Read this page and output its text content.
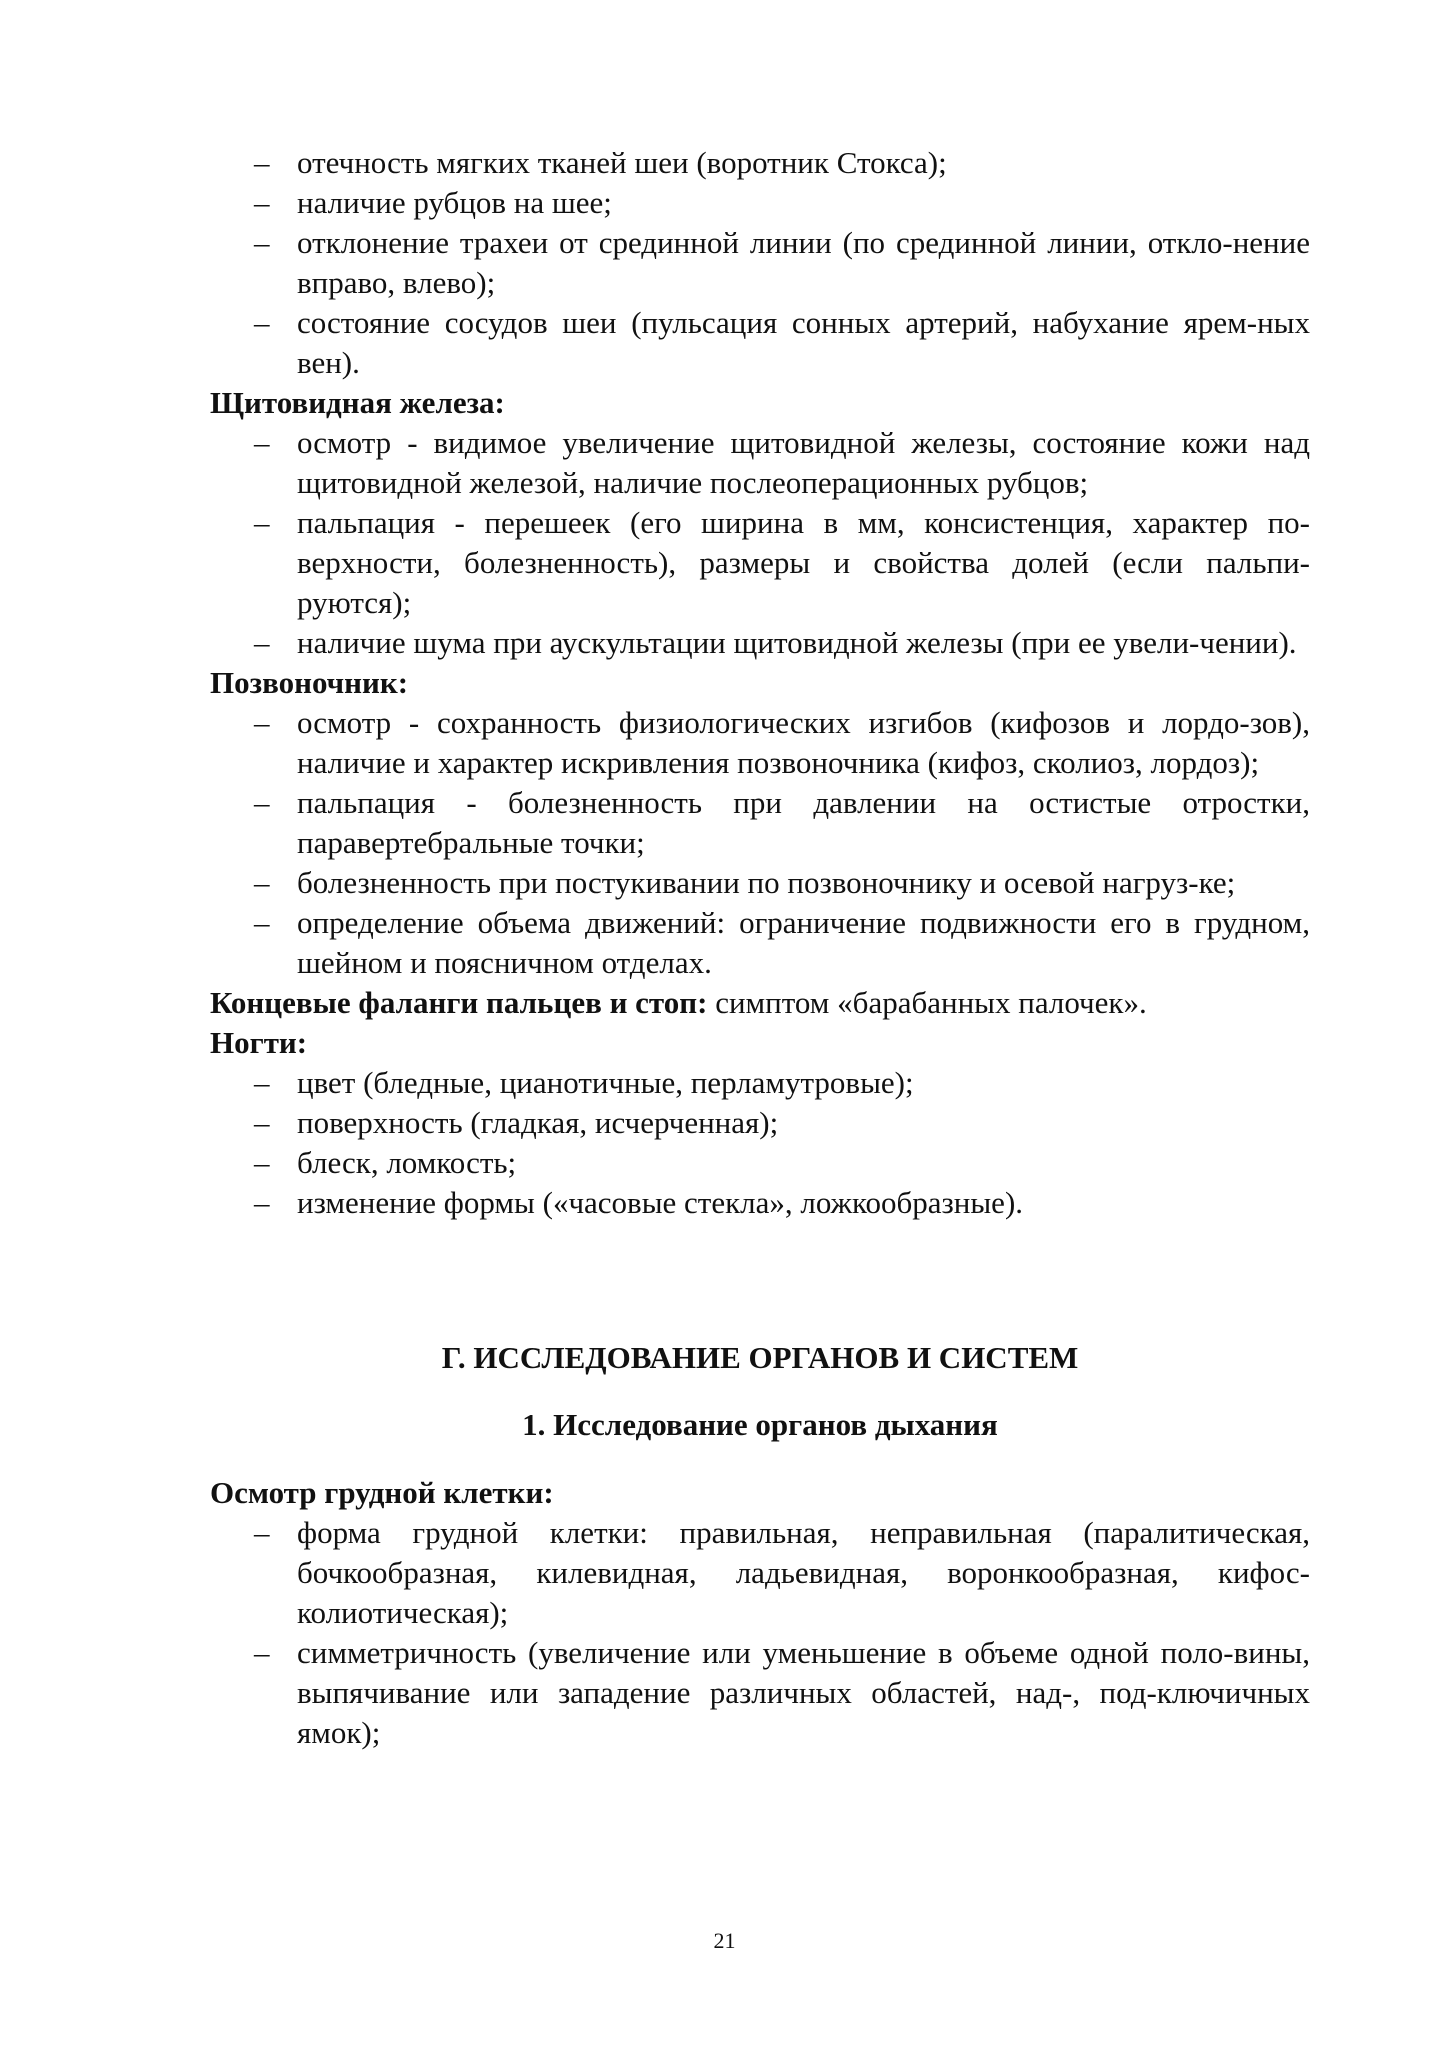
– отечность мягких тканей шеи (воротник Стокса);
– наличие рубцов на шее;
– отклонение трахеи от срединной линии (по срединной линии, откло-нение вправо, влево);
– состояние сосудов шеи (пульсация сонных артерий, набухание ярем-ных вен).
Щитовидная железа:
– осмотр - видимое увеличение щитовидной железы, состояние кожи над щитовидной железой, наличие послеоперационных рубцов;
– пальпация - перешеек (его ширина в мм, консистенция, характер по-верхности, болезненность), размеры и свойства долей (если пальпи-руются);
– наличие шума при аускультации щитовидной железы (при ее увели-чении).
Позвоночник:
– осмотр - сохранность физиологических изгибов (кифозов и лордо-зов), наличие и характер искривления позвоночника (кифоз, сколиоз, лордоз);
– пальпация - болезненность при давлении на остистые отростки, паравертебральные точки;
– болезненность при постукивании по позвоночнику и осевой нагруз-ке;
– определение объема движений: ограничение подвижности его в грудном, шейном и поясничном отделах.
Концевые фаланги пальцев и стоп: симптом «барабанных палочек».
Ногти:
– цвет (бледные, цианотичные, перламутровые);
– поверхность (гладкая, исчерченная);
– блеск, ломкость;
– изменение формы («часовые стекла», ложкообразные).
Г. ИССЛЕДОВАНИЕ ОРГАНОВ И СИСТЕМ
1. Исследование органов дыхания
Осмотр грудной клетки:
– форма грудной клетки: правильная, неправильная (паралитическая, бочкообразная, килевидная, ладьевидная, воронкообразная, кифос-колиотическая);
– симметричность (увеличение или уменьшение в объеме одной поло-вины, выпячивание или западение различных областей, над-, под-ключичных ямок);
21
